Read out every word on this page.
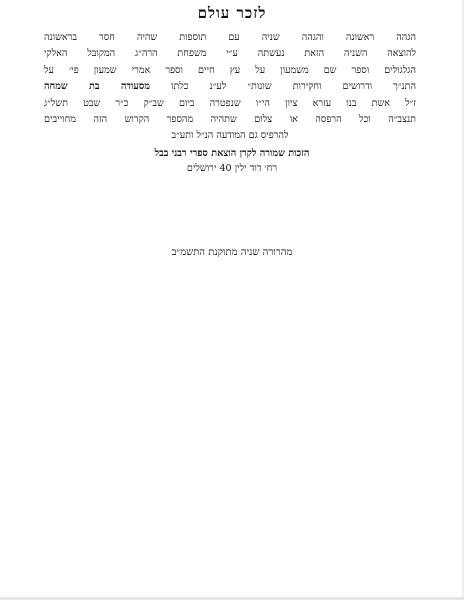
לזכר עולם
הגהה ראשונה והגהה שניה עם תוספות שהיה חסר בראשונה
להוצאה השניה הזאת נעשתה ע״י משפחת הרה״ג המקובל האלקי
הגלגולים וספר שם משמעון על עץ חיים וספר אמרי שמעון פי׳ על
התנ״ך ודרושים וחקירות שונות״ לע״נ כלתו מסעודה בת שמחה
ז״ל אשת בנו עזרא ציון הי״ו שנפטרה ביום שב״ק כ״ר שבט תשל״ג
תנצב״ה וכל הרפסה או צלום שתהיה מהספר הקרוש הזה מחוייבים
להרפיס גם המודעה הנ״ל ותע״ב
הזכות שמורה לקרן הוצאת ספרי רבני בבל
רח׳ דוד ילין 40 ירושלים
מהרורה שניה מתוקנת התשמ״ב
